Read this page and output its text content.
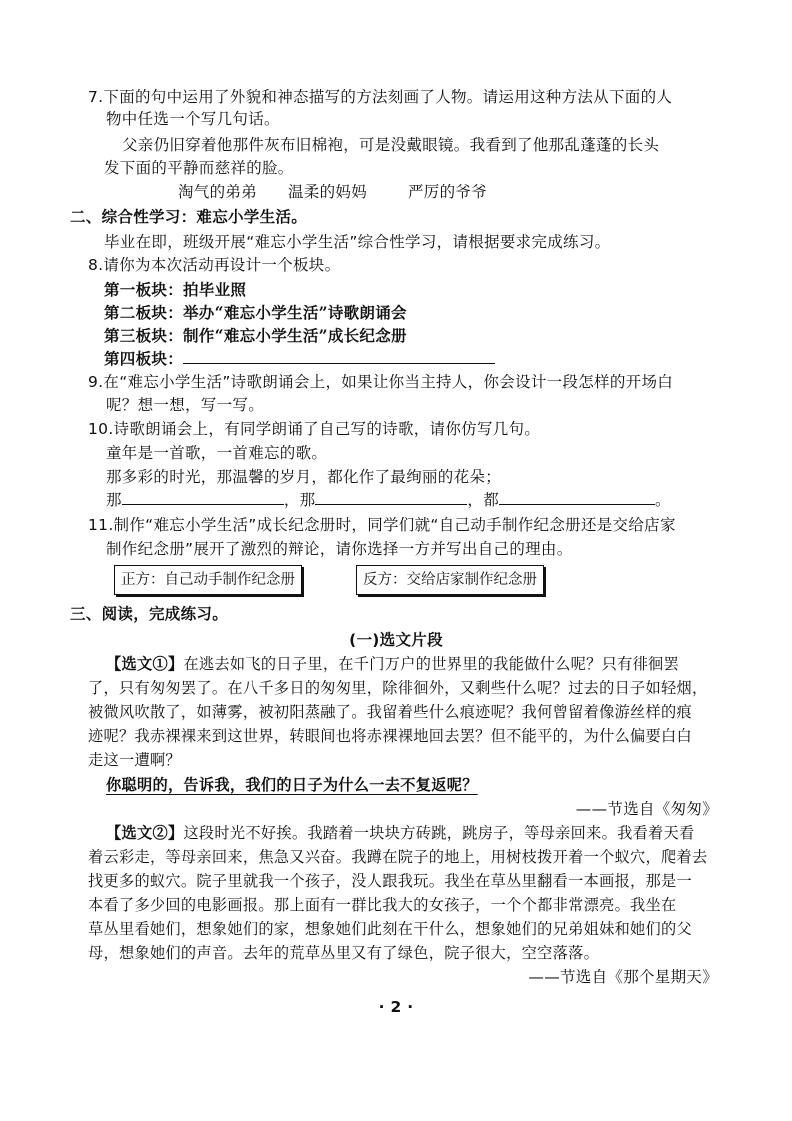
7.下面的句中运用了外貌和神态描写的方法刻画了人物。请运用这种方法从下面的人
物中任选一个写几句话。
父亲仍旧穿着他那件灰布旧棉袍，可是没戴眼镜。我看到了他那乱蓬蓬的长头
发下面的平静而慈祥的脸。
淘气的弟弟 温柔的妈妈	严厉的爷爷
二、综合性学习：难忘小学生活。
毕业在即，班级开展“难忘小学生活”综合性学习，请根据要求完成练习。
8.请你为本次活动再设计一个板块。
第一板块：拍毕业照
第二板块：举办“难忘小学生活”诗歌朗诵会
第三板块：制作“难忘小学生活”成长纪念册
第四板块：
9.在“难忘小学生活”诗歌朗诵会上，如果让你当主持人，你会设计一段怎样的开场白
呢？想一想，写一写。
10.诗歌朗诵会上，有同学朗诵了自己写的诗歌，请你仿写几句。
童年是一首歌，一首难忘的歌。
那多彩的时光，那温馨的岁月，都化作了最绚丽的花朵；
那	，那	，都	。
11.制作“难忘小学生活”成长纪念册时，同学们就“自己动手制作纪念册还是交给店家
制作纪念册”展开了激烈的辩论，请你选择一方并写出自己的理由。
正方：自己动手制作纪念册	反方：交给店家制作纪念册
三、阅读，完成练习。
(一)选文片段
【选文①】在逃去如飞的日子里，在千门万户的世界里的我能做什么呢？只有徘徊罢
了，只有匆匆罢了。在八千多日的匆匆里，除徘徊外，又剩些什么呢？过去的日子如轻烟，
被微风吹散了，如薄雾，被初阳蒸融了。我留着些什么痕迹呢？我何曾留着像游丝样的痕
迹呢？我赤裸裸来到这世界，转眼间也将赤裸裸地回去罢？但不能平的，为什么偏要白白
走这一遭啊？
你聪明的，告诉我，我们的日子为什么一去不复返呢？
——节选自《匆匆》
【选文②】这段时光不好挨。我踏着一块块方砖跳，跳房子，等母亲回来。我看着天看
着云彩走，等母亲回来，焦急又兴奋。我蹲在院子的地上，用树枝拨开着一个蚁穴，爬着去
找更多的蚁穴。院子里就我一个孩子，没人跟我玩。我坐在草丛里翻看一本画报，那是一
本看了多少回的电影画报。那上面有一群比我大的女孩子，一个个都非常漂亮。我坐在
草丛里看她们，想象她们的家，想象她们此刻在干什么，想象她们的兄弟姐妹和她们的父
母，想象她们的声音。去年的荒草丛里又有了绿色，院子很大，空空落落。
——节选自《那个星期天》
· 2 ·
